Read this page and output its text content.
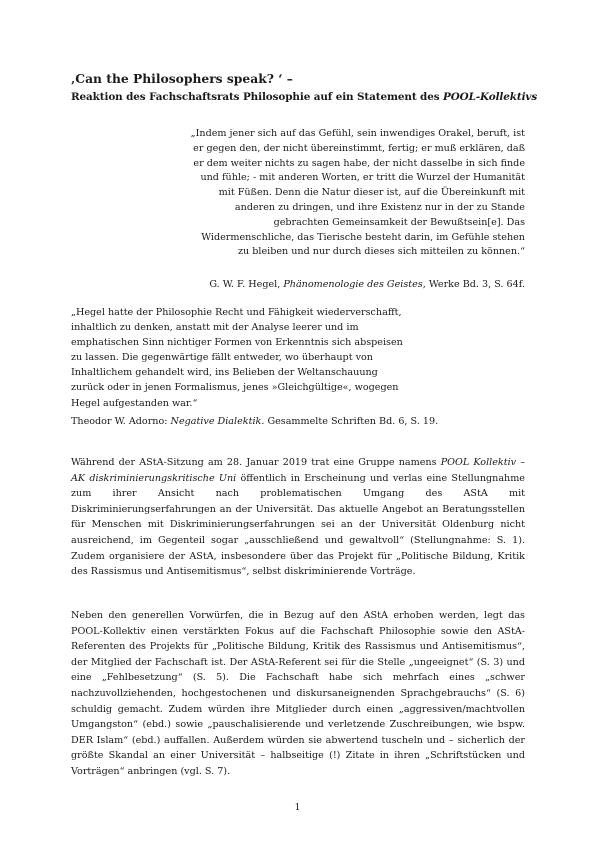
‚Can the Philosophers speak? ‘ –

Reaktion des Fachschaftsrats Philosophie auf ein Statement des POOL-Kollektivs

„Indem jener sich auf das Gefühl, sein inwendiges Orakel, beruft, ist
er gegen den, der nicht übereinstimmt, fertig; er muß erklären, daß
er dem weiter nichts zu sagen habe, der nicht dasselbe in sich finde
und fühle; - mit anderen Worten, er tritt die Wurzel der Humanität
mit Füßen. Denn die Natur dieser ist, auf die Übereinkunft mit
anderen zu dringen, und ihre Existenz nur in der zu Stande
gebrachten Gemeinsamkeit der Bewußtsein[e]. Das
Widermenschliche, das Tierische besteht darin, im Gefühle stehen
zu bleiben und nur durch dieses sich mitteilen zu können.“

G. W. F. Hegel, Phänomenologie des Geistes, Werke Bd. 3, S. 64f.

„Hegel hatte der Philosophie Recht und Fähigkeit wiederverschafft,
inhaltlich zu denken, anstatt mit der Analyse leerer und im
emphatischen Sinn nichtiger Formen von Erkenntnis sich abspeisen
zu lassen. Die gegenwärtige fällt entweder, wo überhaupt von
Inhaltlichem gehandelt wird, ins Belieben der Weltanschauung
zurück oder in jenen Formalismus, jenes »Gleichgültige«, wogegen
Hegel aufgestanden war.“

Theodor W. Adorno: Negative Dialektik. Gesammelte Schriften Bd. 6, S. 19.

Während der AStA-Sitzung am 28. Januar 2019 trat eine Gruppe namens POOL Kollektiv – AK diskriminierungskritische Uni öffentlich in Erscheinung und verlas eine Stellungnahme zum ihrer Ansicht nach problematischen Umgang des AStA mit Diskriminierungserfahrungen an der Universität. Das aktuelle Angebot an Beratungsstellen für Menschen mit Diskriminierungserfahrungen sei an der Universität Oldenburg nicht ausreichend, im Gegenteil sogar „ausschließend und gewaltvoll“ (Stellungnahme: S. 1). Zudem organisiere der AStA, insbesondere über das Projekt für „Politische Bildung, Kritik des Rassismus und Antisemitismus“, selbst diskriminierende Vorträge.

Neben den generellen Vorwürfen, die in Bezug auf den AStA erhoben werden, legt das POOL-Kollektiv einen verstärkten Fokus auf die Fachschaft Philosophie sowie den AStA-Referenten des Projekts für „Politische Bildung, Kritik des Rassismus und Antisemitismus“, der Mitglied der Fachschaft ist. Der AStA-Referent sei für die Stelle „ungeeignet“ (S. 3) und eine „Fehlbesetzung“ (S. 5). Die Fachschaft habe sich mehrfach eines „schwer nachzuvollziehenden, hochgestochenen und diskursaneignenden Sprachgebrauchs“ (S. 6) schuldig gemacht. Zudem würden ihre Mitglieder durch einen „aggressiven/machtvollen Umgangston“ (ebd.) sowie „pauschalisierende und verletzende Zuschreibungen, wie bspw. DER Islam“ (ebd.) auffallen. Außerdem würden sie abwertend tuscheln und – sicherlich der größte Skandal an einer Universität – halbseitige (!) Zitate in ihren „Schriftstücken und Vorträgen“ anbringen (vgl. S. 7).

1
